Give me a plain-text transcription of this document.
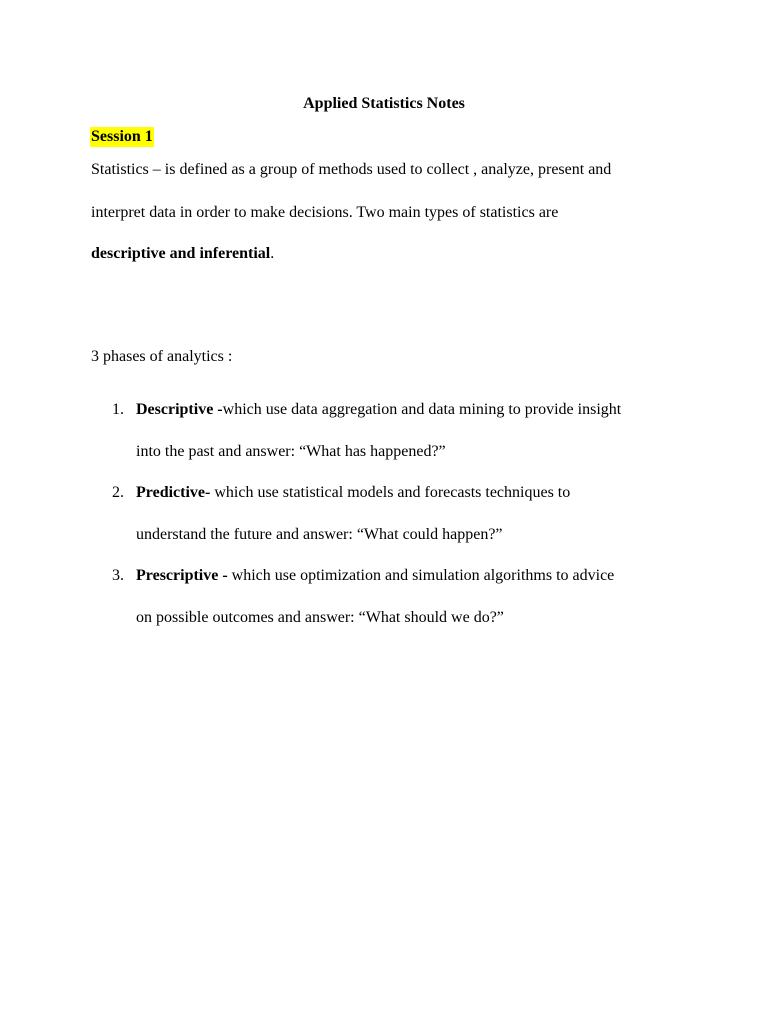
Applied Statistics Notes
Session 1
Statistics – is defined as a group of methods used to collect , analyze, present and
interpret data in order to make decisions. Two main types of statistics are
descriptive and inferential.
3 phases of analytics :
1. Descriptive -which use data aggregation and data mining to provide insight
into the past and answer: “What has happened?”
2. Predictive- which use statistical models and forecasts techniques to
understand the future and answer: “What could happen?”
3. Prescriptive - which use optimization and simulation algorithms to advice
on possible outcomes and answer: “What should we do?”
